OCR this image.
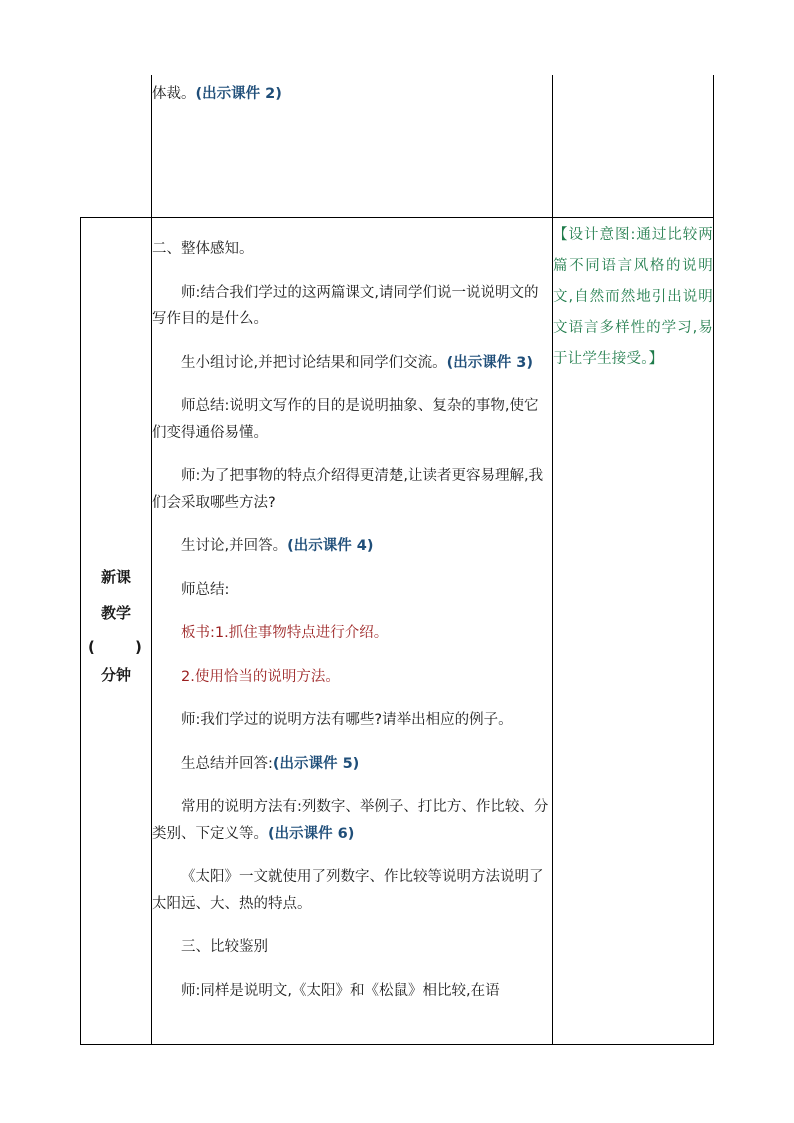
体裁。(出示课件 2)
新课
教学
(	)
分钟

二、整体感知。

师:结合我们学过的这两篇课文,请同学们说一说说明文的写作目的是什么。

生小组讨论,并把讨论结果和同学们交流。(出示课件 3)

师总结:说明文写作的目的是说明抽象、复杂的事物,使它们变得通俗易懂。

师:为了把事物的特点介绍得更清楚,让读者更容易理解,我们会采取哪些方法?

生讨论,并回答。(出示课件 4)

师总结:

板书:1.抓住事物特点进行介绍。

2.使用恰当的说明方法。

师:我们学过的说明方法有哪些?请举出相应的例子。

生总结并回答:(出示课件 5)

常用的说明方法有:列数字、举例子、打比方、作比较、分类别、下定义等。(出示课件 6)

《太阳》一文就使用了列数字、作比较等说明方法说明了太阳远、大、热的特点。

三、比较鉴别

师:同样是说明文,《太阳》和《松鼠》相比较,在语

【设计意图:通过比较两篇不同语言风格的说明文,自然而然地引出说明文语言多样性的学习,易于让学生接受。】
